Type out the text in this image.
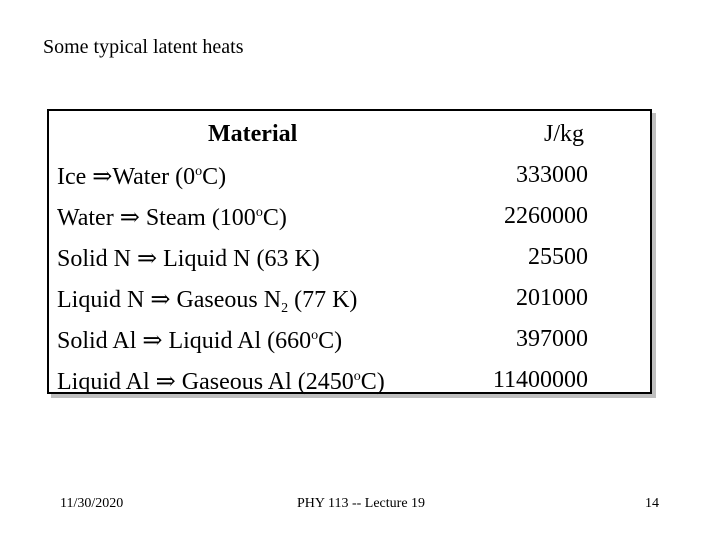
Some typical latent heats
Material	J/kg
Ice ⇒Water (0$^o$C)	333000
Water ⇒ Steam (100$^o$C)	2260000
Solid N ⇒ Liquid N (63 K)	25500
Liquid N ⇒ Gaseous $N_2$ (77 K)	201000
Solid Al ⇒ Liquid Al (660$^o$C)	397000
Liquid Al ⇒ Gaseous Al (2450$^o$C)	11400000
11/30/2020	PHY 113 -- Lecture 19	14
